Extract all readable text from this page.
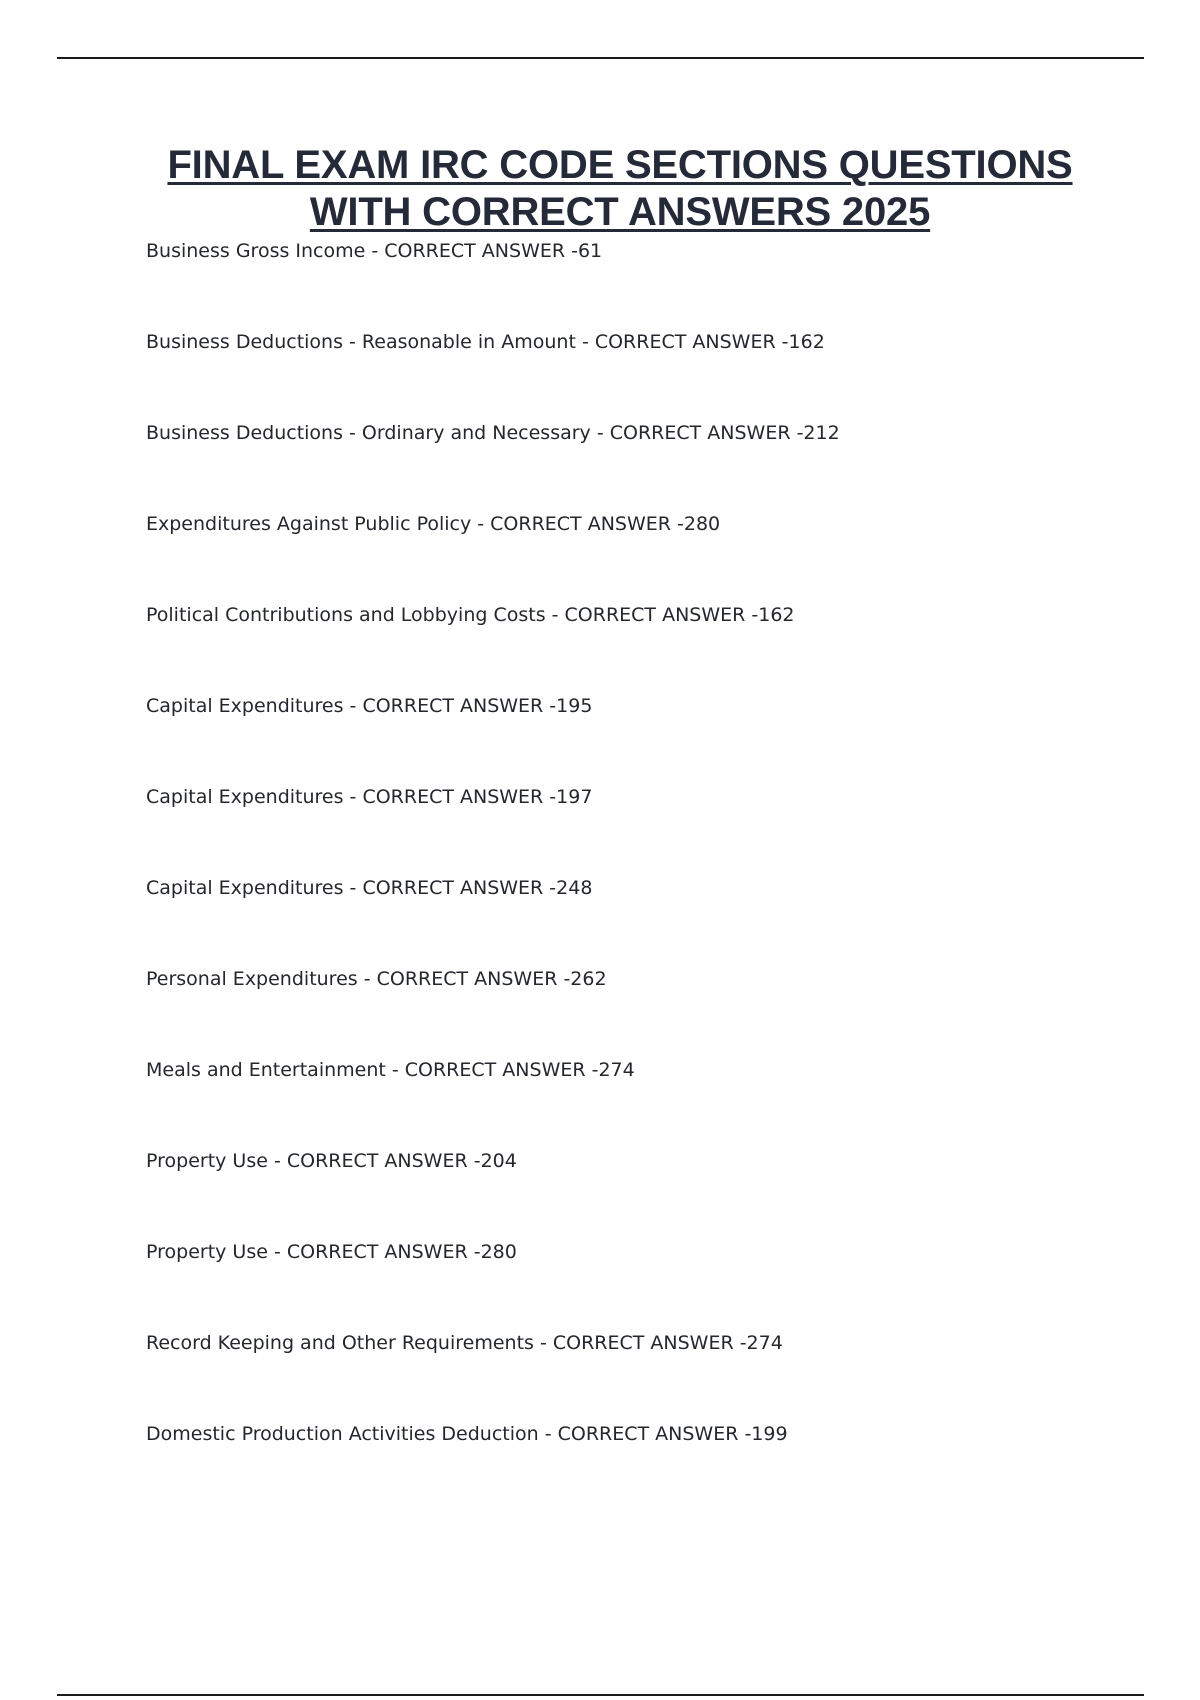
FINAL EXAM IRC CODE SECTIONS QUESTIONS
WITH CORRECT ANSWERS 2025
Business Gross Income - CORRECT ANSWER -61
Business Deductions - Reasonable in Amount - CORRECT ANSWER -162
Business Deductions - Ordinary and Necessary - CORRECT ANSWER -212
Expenditures Against Public Policy - CORRECT ANSWER -280
Political Contributions and Lobbying Costs - CORRECT ANSWER -162
Capital Expenditures - CORRECT ANSWER -195
Capital Expenditures - CORRECT ANSWER -197
Capital Expenditures - CORRECT ANSWER -248
Personal Expenditures - CORRECT ANSWER -262
Meals and Entertainment - CORRECT ANSWER -274
Property Use - CORRECT ANSWER -204
Property Use - CORRECT ANSWER -280
Record Keeping and Other Requirements - CORRECT ANSWER -274
Domestic Production Activities Deduction - CORRECT ANSWER -199
